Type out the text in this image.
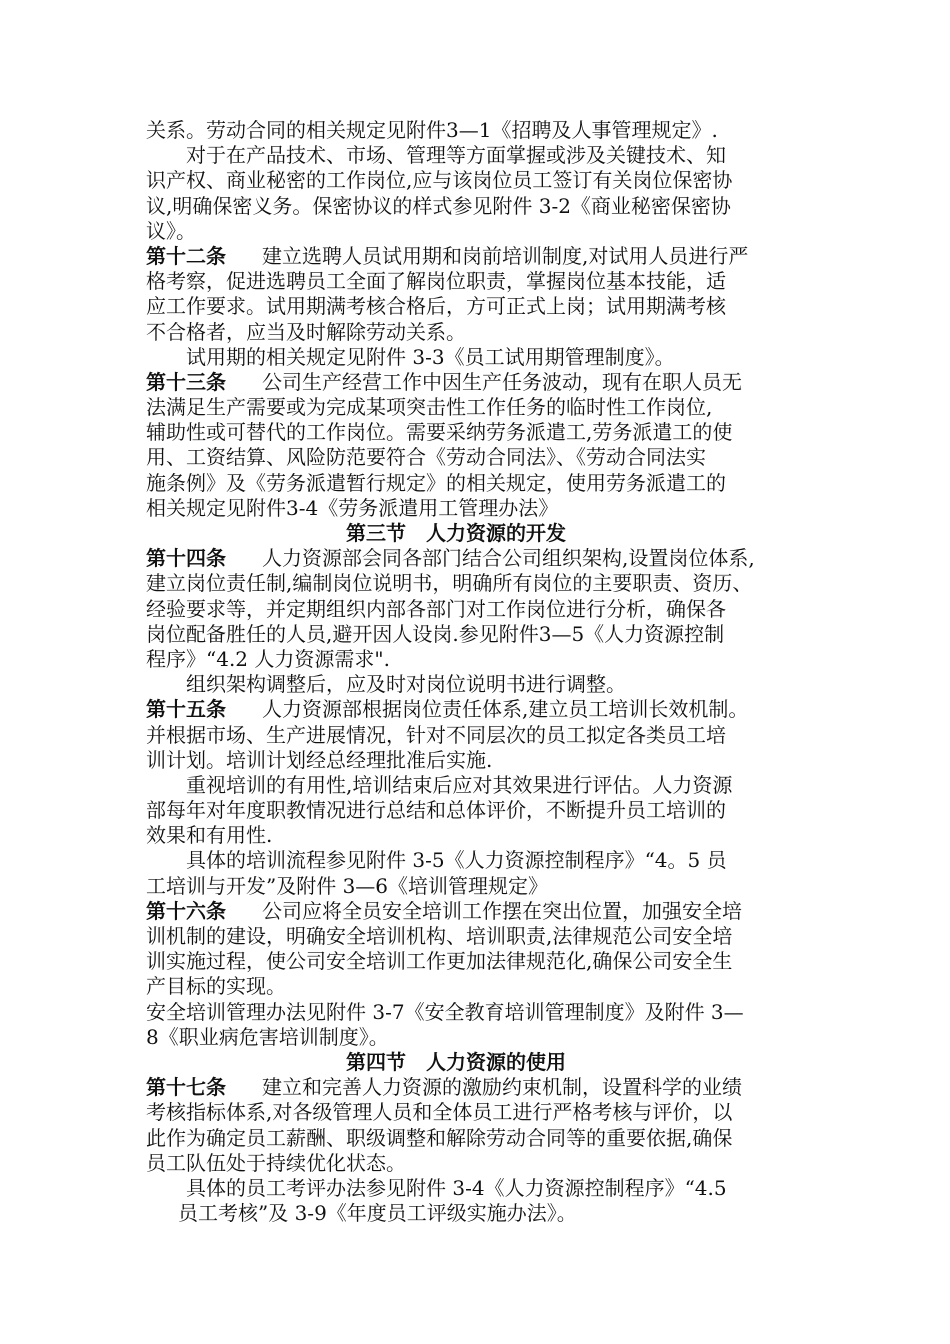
关系。劳动合同的相关规定见附件3—1《招聘及人事管理规定》.
对于在产品技术、市场、管理等方面掌握或涉及关键技术、知
识产权、商业秘密的工作岗位,应与该岗位员工签订有关岗位保密协
议,明确保密义务。保密协议的样式参见附件 3-2《商业秘密保密协
议》。
第十二条 建立选聘人员试用期和岗前培训制度,对试用人员进行严
格考察，促进选聘员工全面了解岗位职责，掌握岗位基本技能，适
应工作要求。试用期满考核合格后，方可正式上岗；试用期满考核
不合格者，应当及时解除劳动关系。
试用期的相关规定见附件 3-3《员工试用期管理制度》。
第十三条 公司生产经营工作中因生产任务波动，现有在职人员无
法满足生产需要或为完成某项突击性工作任务的临时性工作岗位,
辅助性或可替代的工作岗位。需要采纳劳务派遣工,劳务派遣工的使
用、工资结算、风险防范要符合《劳动合同法》、《劳动合同法实
施条例》及《劳务派遣暂行规定》的相关规定，使用劳务派遣工的
相关规定见附件3-4《劳务派遣用工管理办法》
第三节　人力资源的开发
第十四条 人力资源部会同各部门结合公司组织架构,设置岗位体系,
建立岗位责任制,编制岗位说明书，明确所有岗位的主要职责、资历、
经验要求等，并定期组织内部各部门对工作岗位进行分析，确保各
岗位配备胜任的人员,避开因人设岗.参见附件3—5《人力资源控制
程序》“4.2 人力资源需求".
组织架构调整后，应及时对岗位说明书进行调整。
第十五条 人力资源部根据岗位责任体系,建立员工培训长效机制。
并根据市场、生产进展情况，针对不同层次的员工拟定各类员工培
训计划。培训计划经总经理批准后实施.
重视培训的有用性,培训结束后应对其效果进行评估。人力资源
部每年对年度职教情况进行总结和总体评价，不断提升员工培训的
效果和有用性.
具体的培训流程参见附件 3-5《人力资源控制程序》“4。5 员
工培训与开发”及附件 3—6《培训管理规定》
第十六条 公司应将全员安全培训工作摆在突出位置，加强安全培
训机制的建设，明确安全培训机构、培训职责,法律规范公司安全培
训实施过程，使公司安全培训工作更加法律规范化,确保公司安全生
产目标的实现。
安全培训管理办法见附件 3-7《安全教育培训管理制度》及附件 3—
8《职业病危害培训制度》。
第四节　人力资源的使用
第十七条 建立和完善人力资源的激励约束机制，设置科学的业绩
考核指标体系,对各级管理人员和全体员工进行严格考核与评价，以
此作为确定员工薪酬、职级调整和解除劳动合同等的重要依据,确保
员工队伍处于持续优化状态。
具体的员工考评办法参见附件 3-4《人力资源控制程序》“4.5
员工考核”及 3-9《年度员工评级实施办法》。
